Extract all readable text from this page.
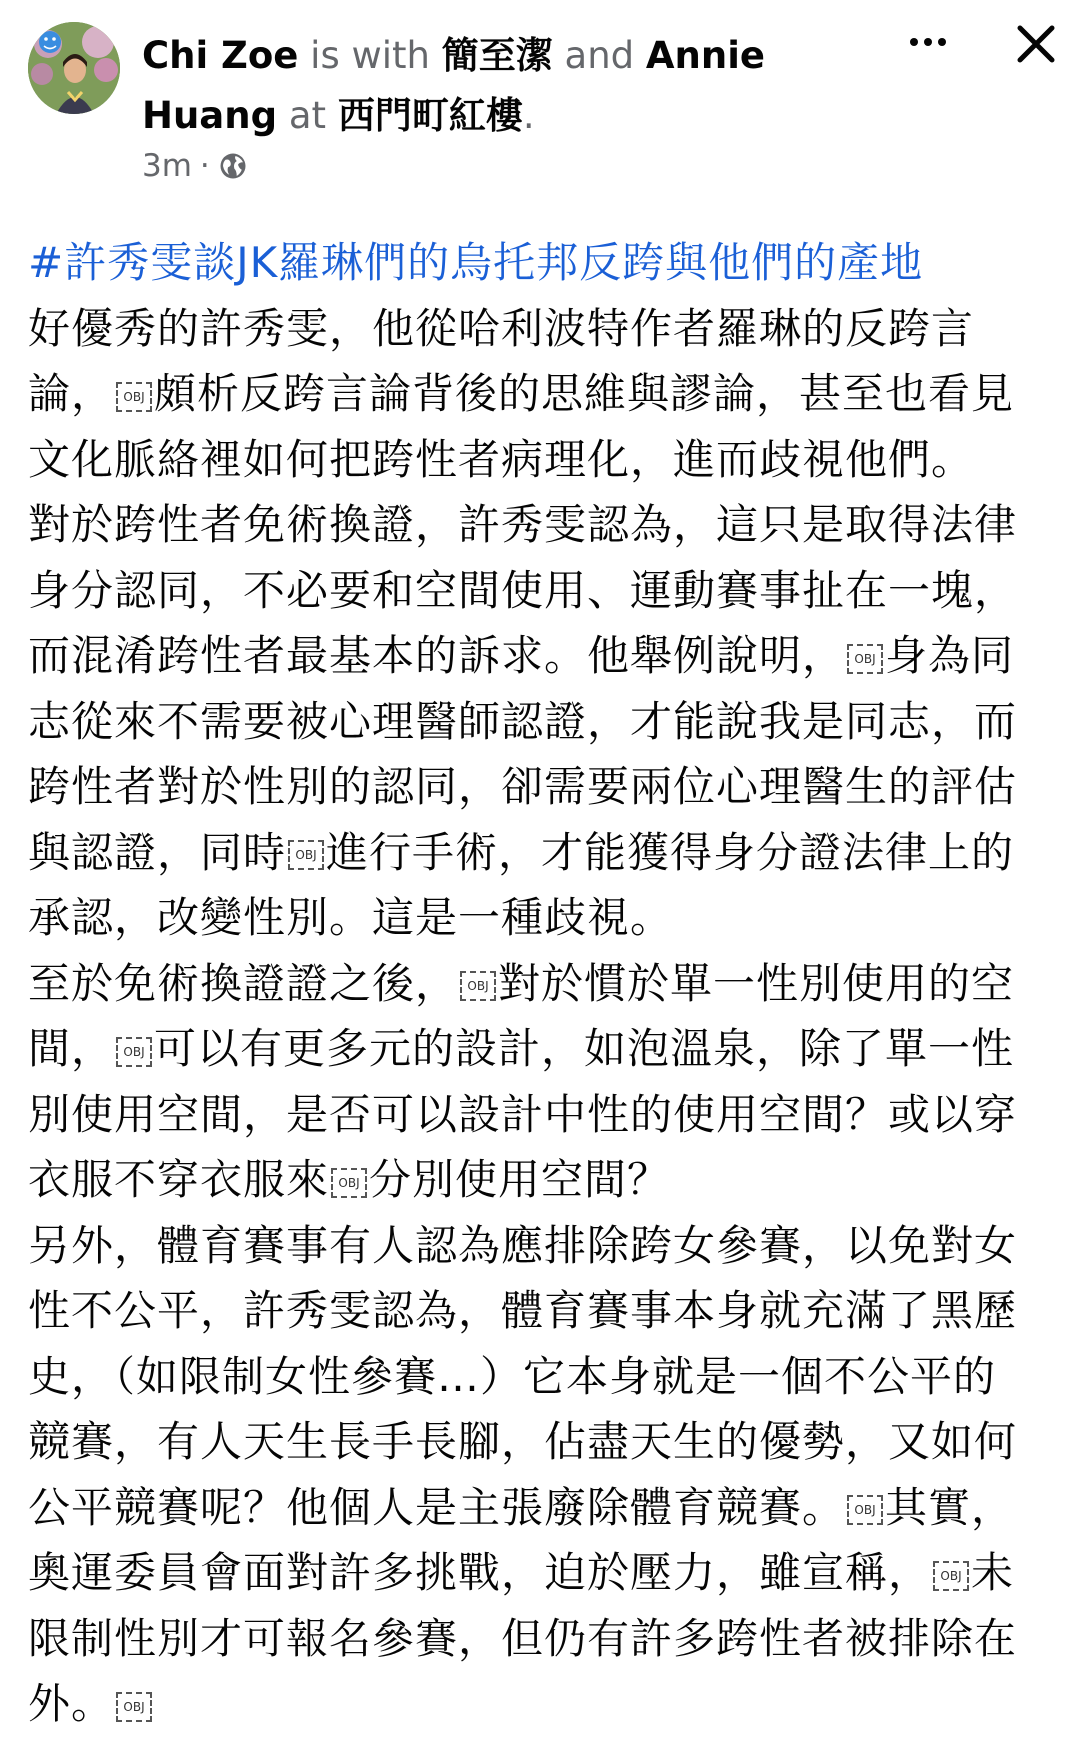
Chi Zoe is with 簡至潔 and Annie Huang at 西門町紅樓.
3m ·
#許秀雯談JK羅琳們的烏托邦反跨與他們的產地
好優秀的許秀雯，他從哈利波特作者羅琳的反跨言
論， OBJ 頗析反跨言論背後的思維與謬論，甚至也看見
文化脈絡裡如何把跨性者病理化，進而歧視他們。
對於跨性者免術換證，許秀雯認為，這只是取得法律
身分認同，不必要和空間使用、運動賽事扯在一塊，
而混淆跨性者最基本的訴求。他舉例說明， OBJ 身為同
志從來不需要被心理醫師認證，才能說我是同志，而
跨性者對於性別的認同，卻需要兩位心理醫生的評估
與認證，同時 OBJ 進行手術，才能獲得身分證法律上的
承認，改變性別。這是一種歧視。
至於免術換證證之後， OBJ 對於慣於單一性別使用的空
間， OBJ 可以有更多元的設計，如泡溫泉，除了單一性
別使用空間，是否可以設計中性的使用空間？或以穿
衣服不穿衣服來 OBJ 分別使用空間？
另外，體育賽事有人認為應排除跨女參賽，以免對女
性不公平，許秀雯認為，體育賽事本身就充滿了黑歷
史，（如限制女性參賽…）它本身就是一個不公平的
競賽，有人天生長手長腳，佔盡天生的優勢，又如何
公平競賽呢？他個人是主張廢除體育競賽。 OBJ 其實，
奧運委員會面對許多挑戰，迫於壓力，雖宣稱， OBJ 未
限制性別才可報名參賽，但仍有許多跨性者被排除在
外。 OBJ
